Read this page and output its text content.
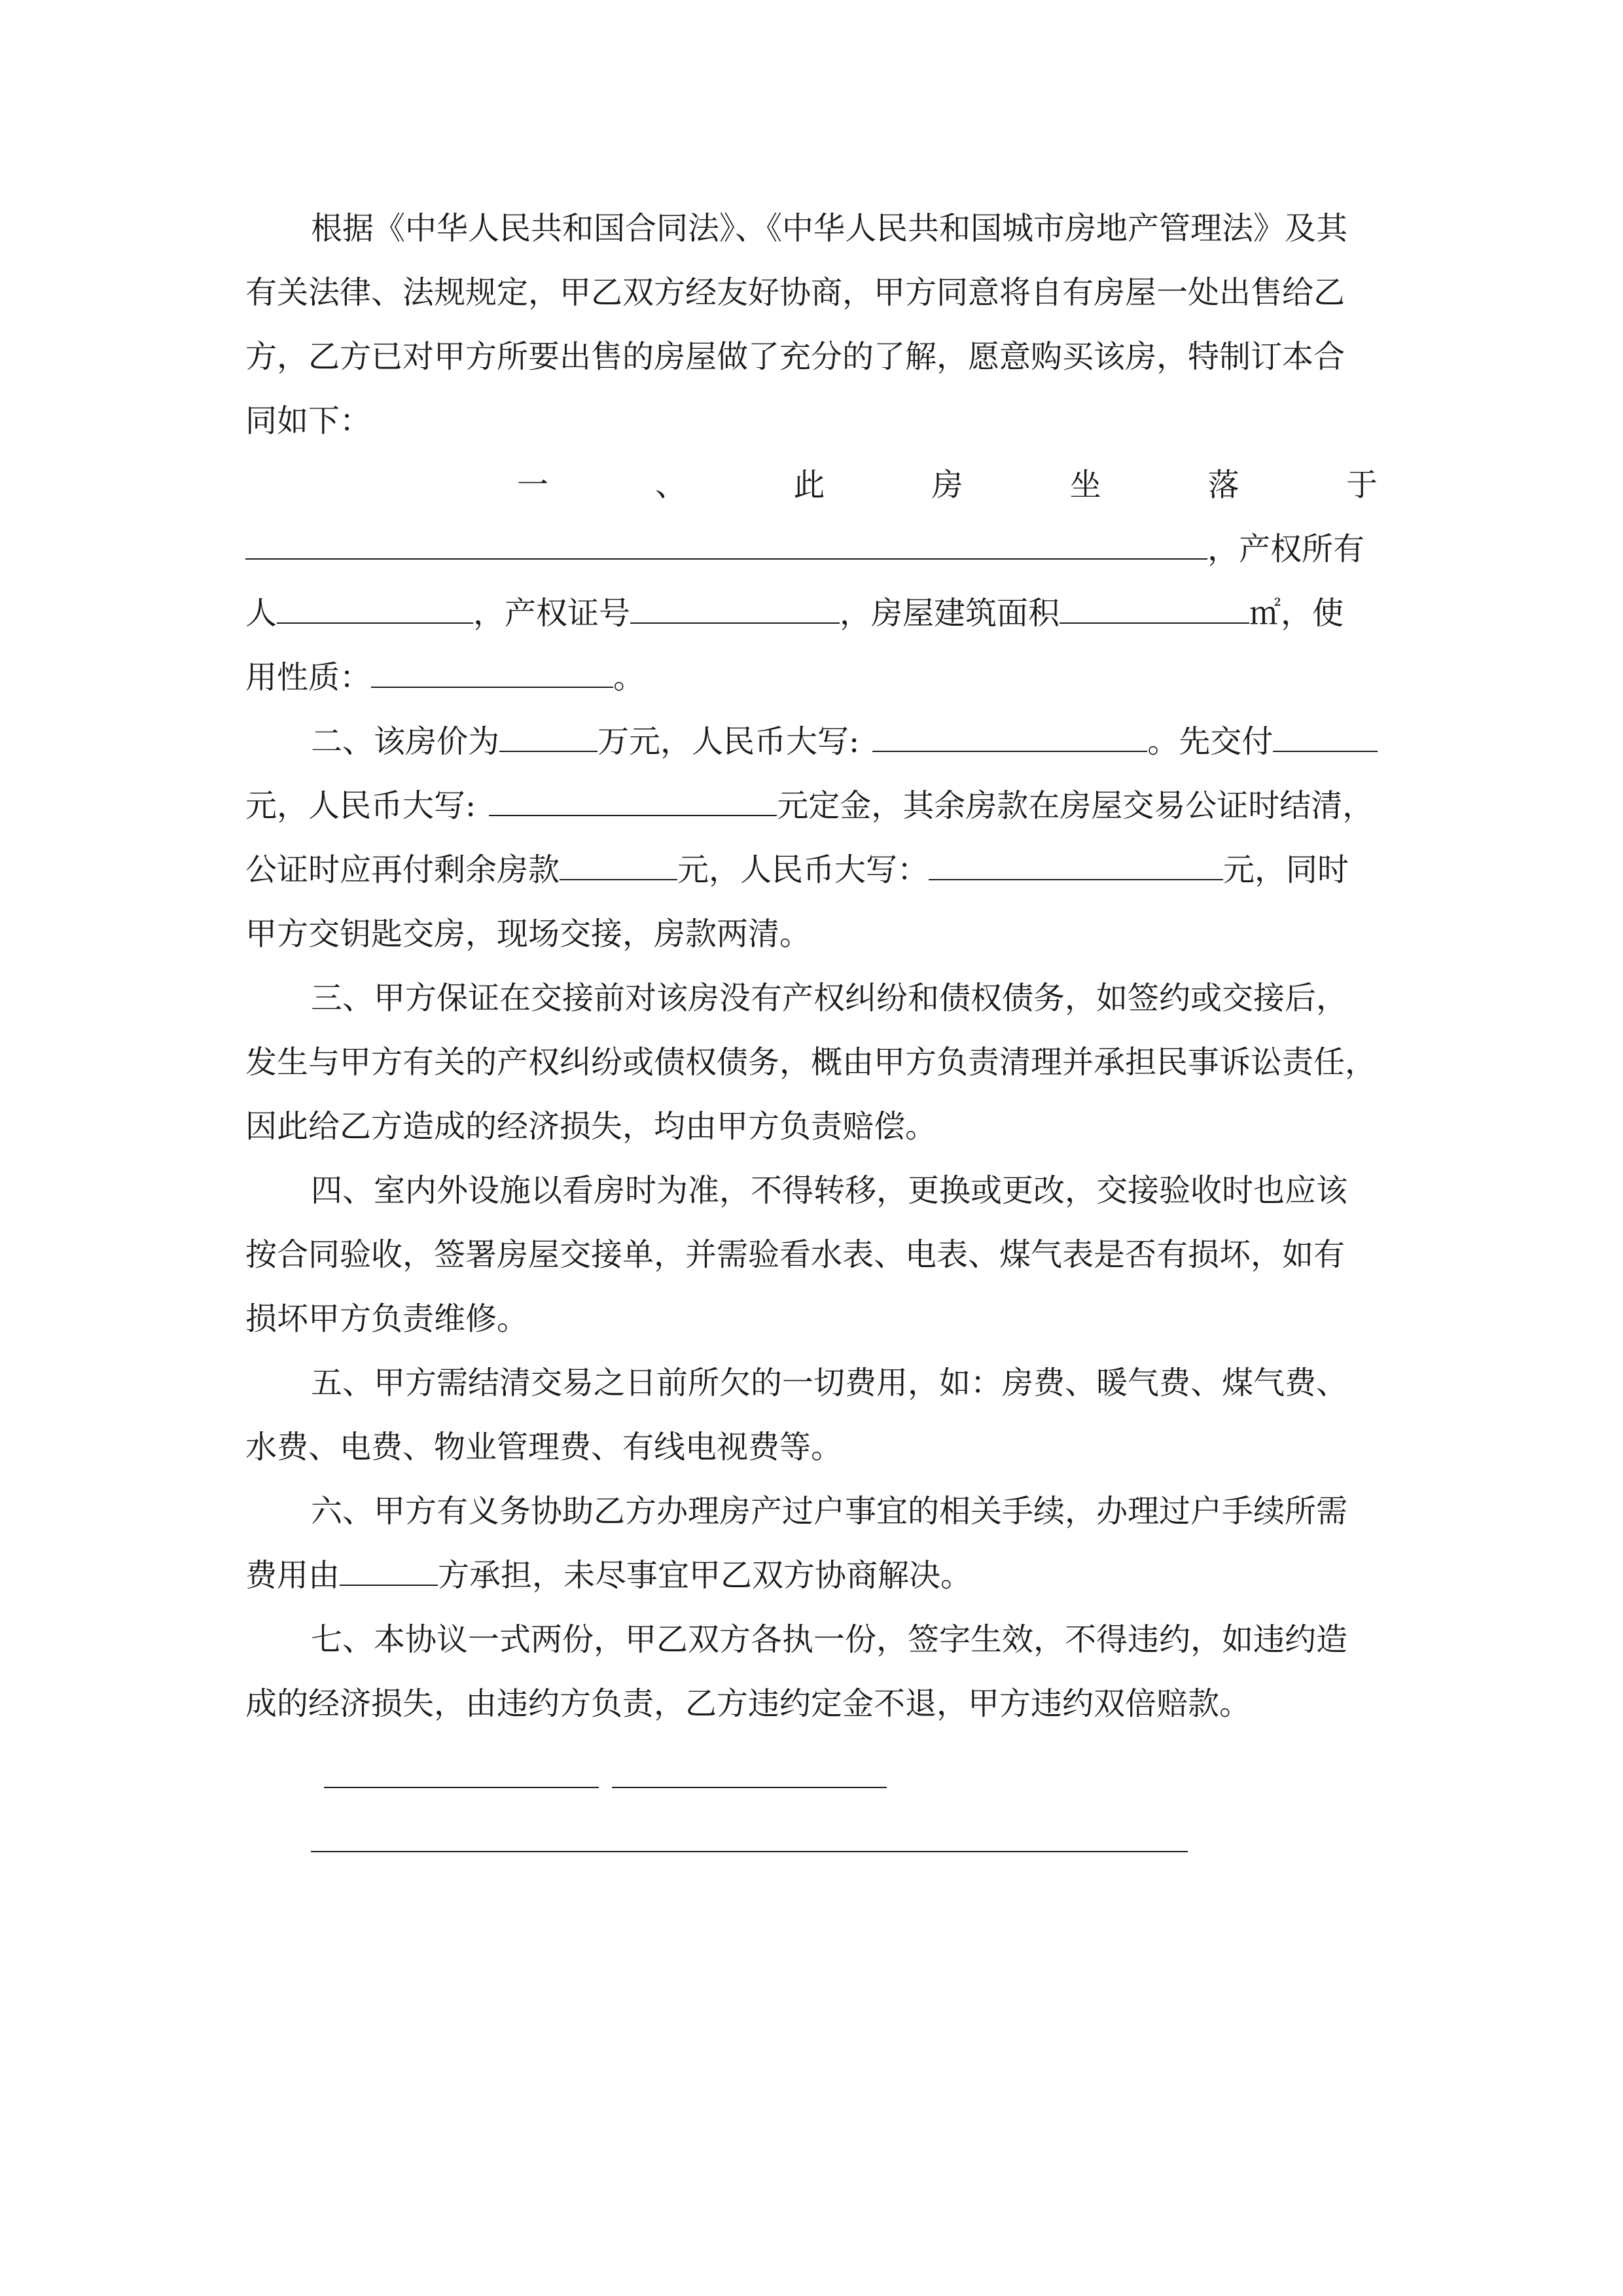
根据《中华人民共和国合同法》、《中华人民共和国城市房地产管理法》及其
有关法律、法规规定，甲乙双方经友好协商，甲方同意将自有房屋一处出售给乙
方，乙方已对甲方所要出售的房屋做了充分的了解，愿意购买该房，特制订本合
同如下：
一	、	此	房	坐	落	于
，产权所有
人	，产权证号	，房屋建筑面积	㎡，使
用性质：	。
二、该房价为	万元，人民币大写:	。先交付
元，人民币大写:	元定金，其余房款在房屋交易公证时结清，
公证时应再付剩余房款	元，人民币大写：	元，同时
甲方交钥匙交房，现场交接，房款两清。
三、甲方保证在交接前对该房没有产权纠纷和债权债务，如签约或交接后，
发生与甲方有关的产权纠纷或债权债务，概由甲方负责清理并承担民事诉讼责任，
因此给乙方造成的经济损失，均由甲方负责赔偿。
四、室内外设施以看房时为准，不得转移，更换或更改，交接验收时也应该
按合同验收，签署房屋交接单，并需验看水表、电表、煤气表是否有损坏，如有
损坏甲方负责维修。
五、甲方需结清交易之日前所欠的一切费用，如：房费、暖气费、煤气费、
水费、电费、物业管理费、有线电视费等。
六、甲方有义务协助乙方办理房产过户事宜的相关手续，办理过户手续所需
费用由	方承担，未尽事宜甲乙双方协商解决。
七、本协议一式两份，甲乙双方各执一份，签字生效，不得违约，如违约造
成的经济损失，由违约方负责，乙方违约定金不退，甲方违约双倍赔款。
